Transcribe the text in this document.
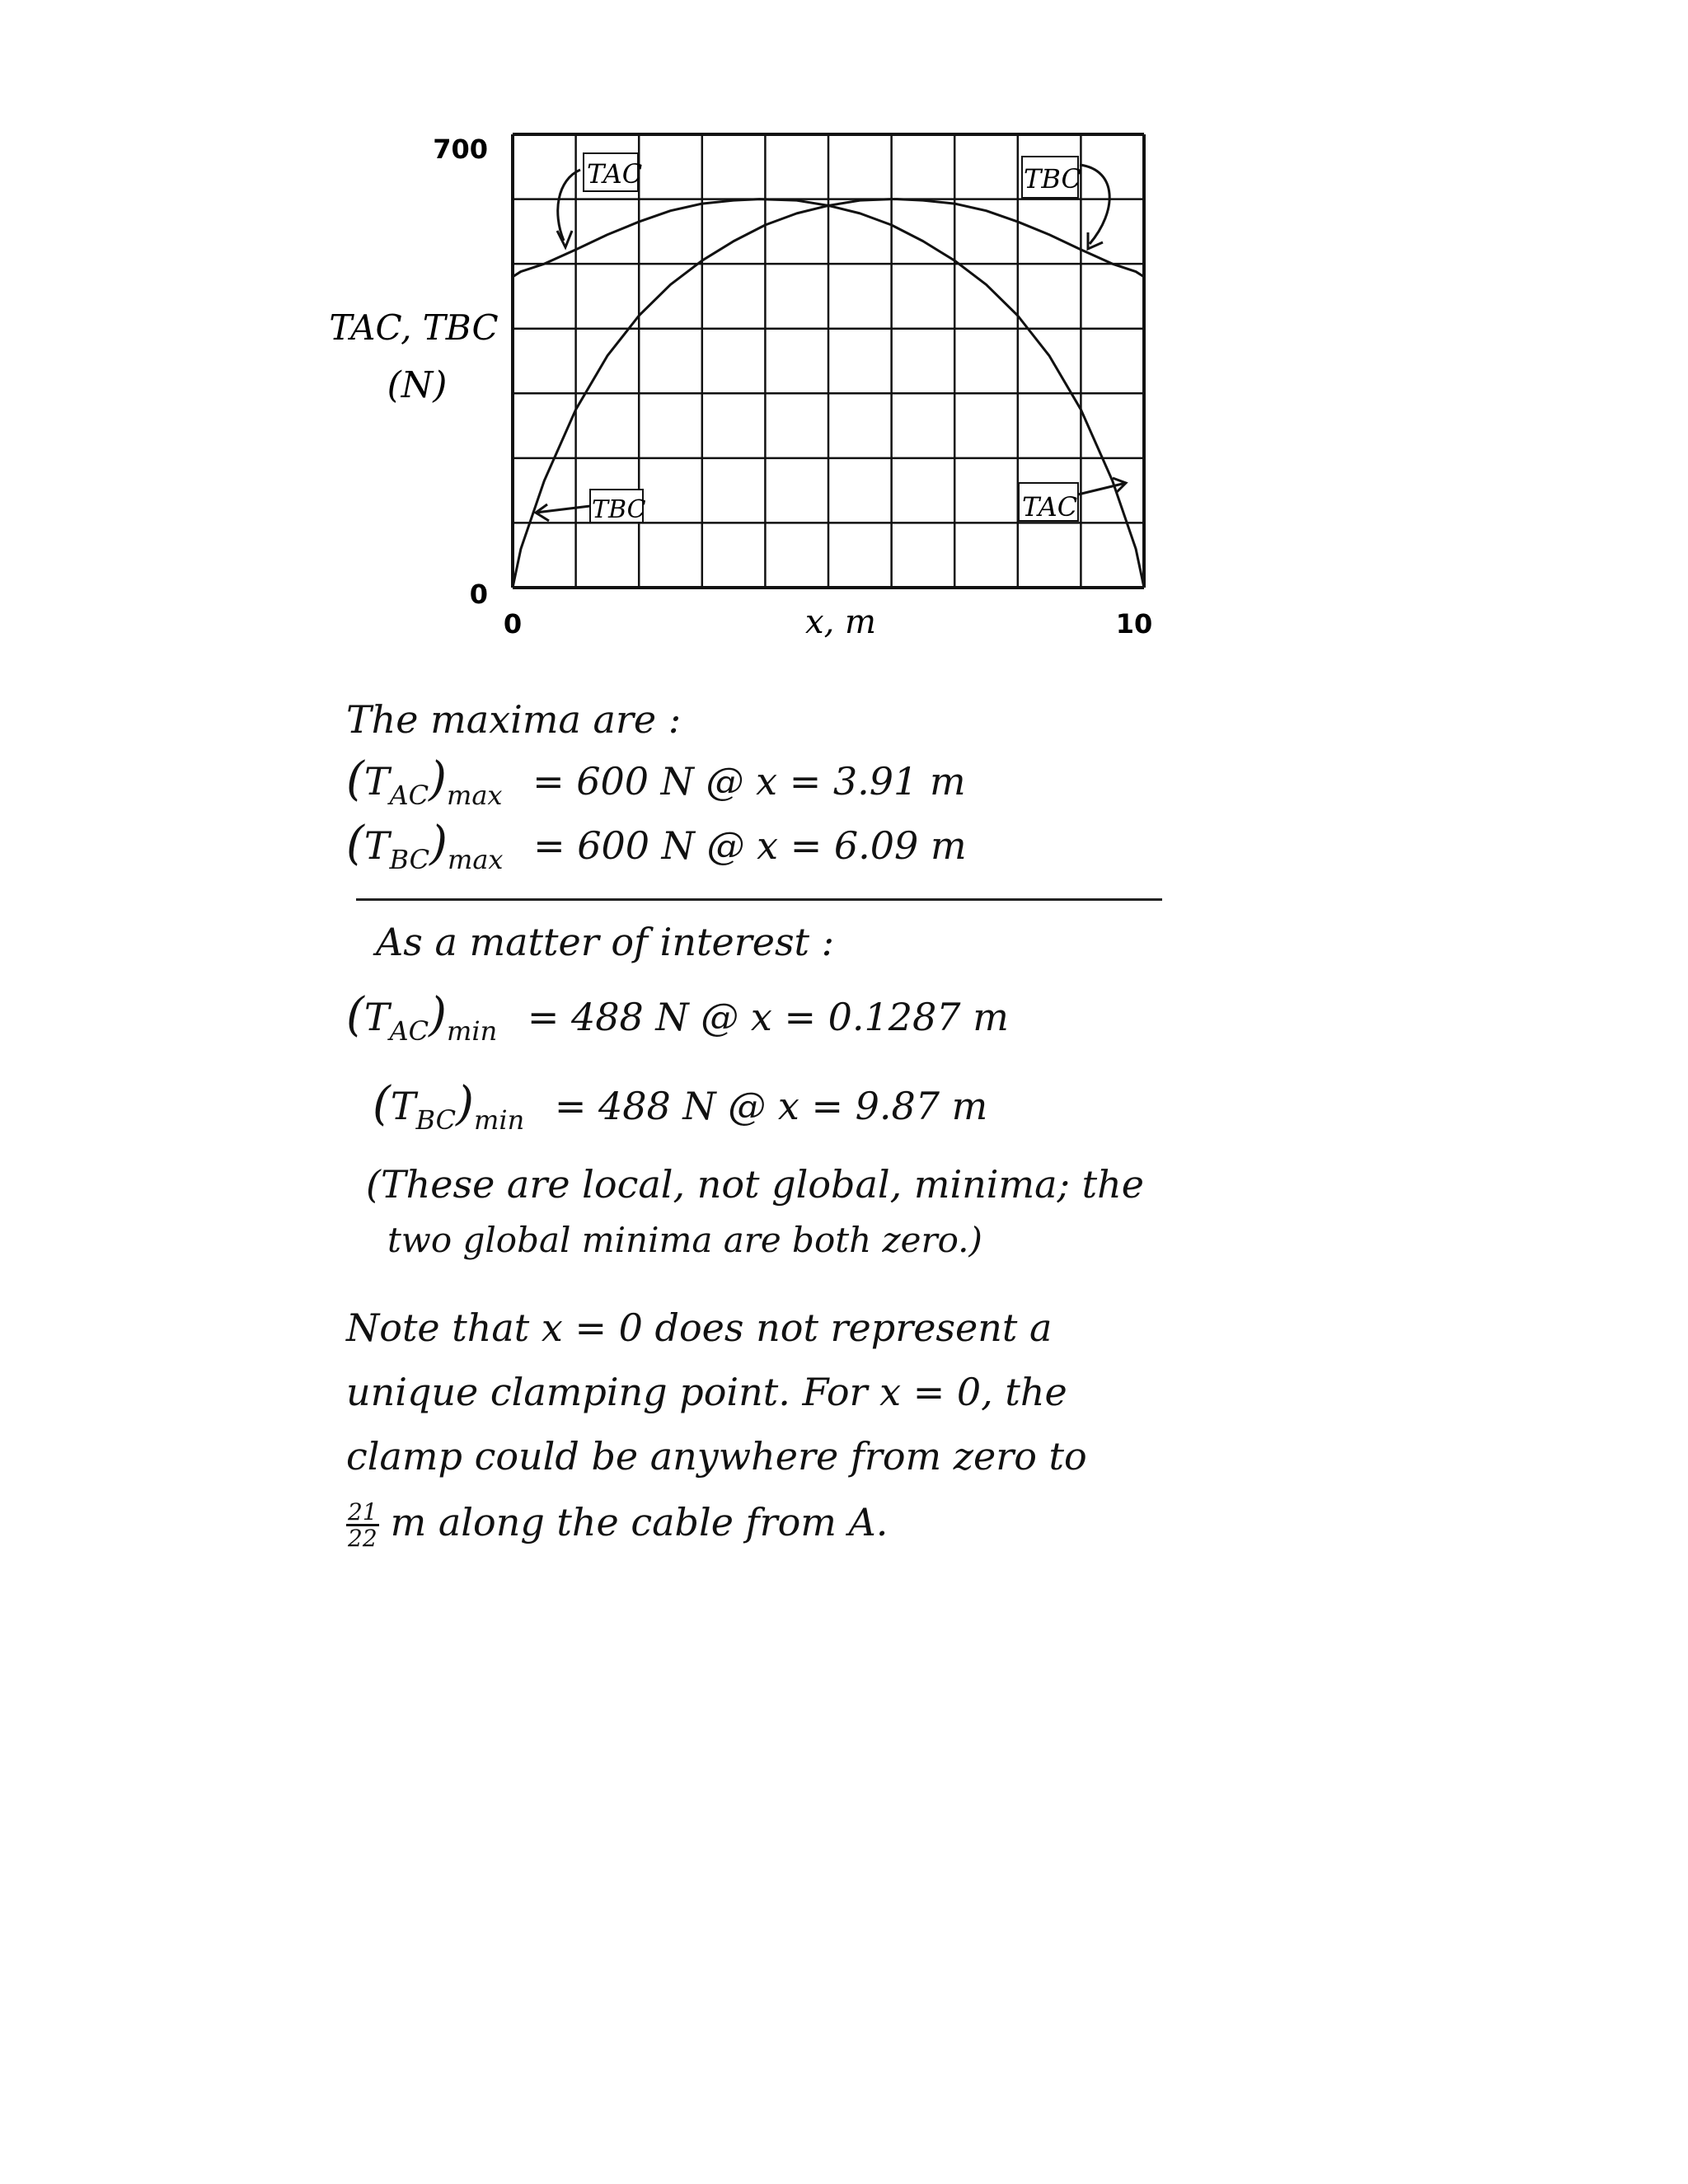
700
0
0	10
x, m
TAC, TBC
(N)
TAC	TBC
TBC	TAC
The maxima are :
$(T_{AC})_{max} = 600$ N @ x = 3.91 m
$(T_{BC})_{max} = 600$ N @ x = 6.09 m
As a matter of interest :
$(T_{AC})_{min} = 488$ N @ x = 0.1287 m
$(T_{BC})_{min} = 488$ N @ x = 9.87 m
(These are local, not global, minima; the
two global minima are both zero.)
Note that x = 0 does not represent a
unique clamping point. For x = 0, the
clamp could be anywhere from zero to
$\frac{21}{22}$ m along the cable from A.
